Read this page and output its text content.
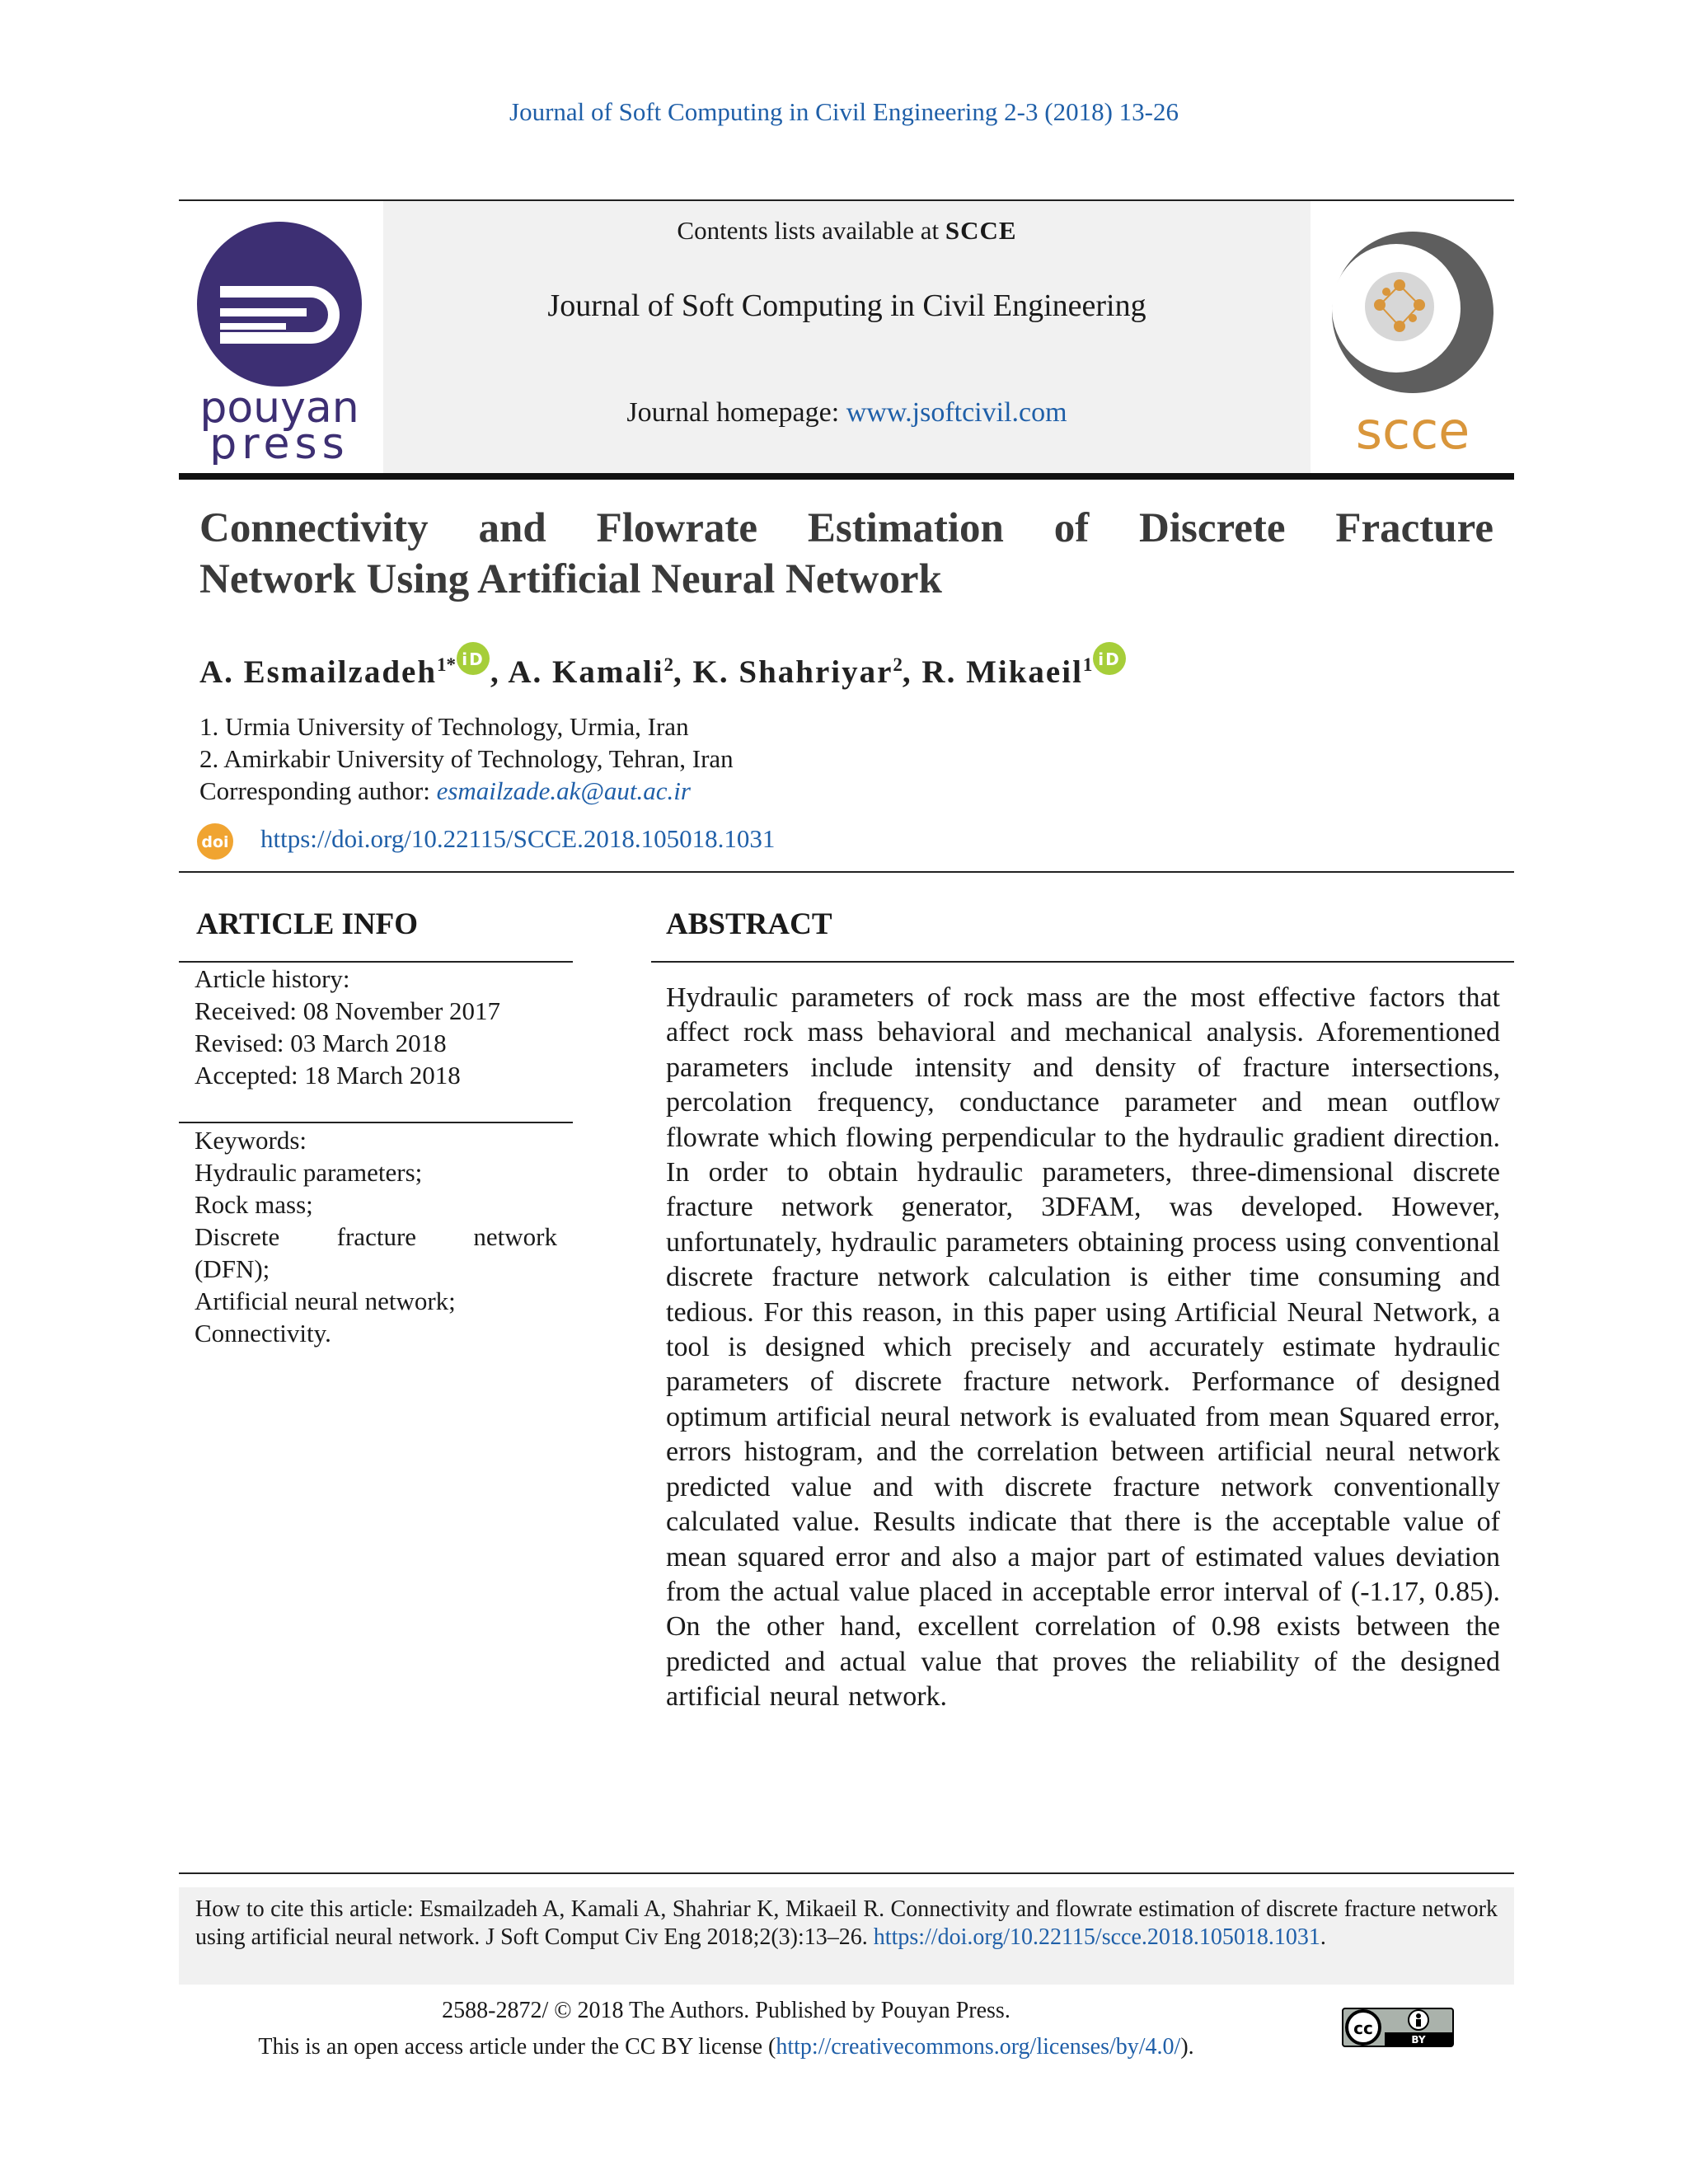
Journal of Soft Computing in Civil Engineering 2-3 (2018) 13-26
pouyan
press
Contents lists available at SCCE
Journal of Soft Computing in Civil Engineering
Journal homepage: www.jsoftcivil.com	scce
Connectivity and Flowrate Estimation of Discrete Fracture
Network Using Artificial Neural Network
A. Esmailzadeh$^{1*}$ iD , A. Kamali$^2$, K. Shahriyar$^2$, R. Mikaeil$^1$ iD
1. Urmia University of Technology, Urmia, Iran
2. Amirkabir University of Technology, Tehran, Iran
Corresponding author: esmailzade.ak@aut.ac.ir
doi https://doi.org/10.22115/SCCE.2018.105018.1031
ARTICLE INFO	ABSTRACT
Article history:
Received: 08 November 2017
Revised: 03 March 2018
Accepted: 18 March 2018
Keywords:
Hydraulic parameters;
Rock mass;
Discrete fracture network
(DFN);
Artificial neural network;
Connectivity.
Hydraulic parameters of rock mass are the most effective factors that affect rock mass behavioral and mechanical analysis. Aforementioned parameters include intensity and density of fracture intersections, percolation frequency, conductance parameter and mean outflow flowrate which flowing perpendicular to the hydraulic gradient direction. In order to obtain hydraulic parameters, three-dimensional discrete fracture network generator, 3DFAM, was developed. However, unfortunately, hydraulic parameters obtaining process using conventional discrete fracture network calculation is either time consuming and tedious. For this reason, in this paper using Artificial Neural Network, a tool is designed which precisely and accurately estimate hydraulic parameters of discrete fracture network. Performance of designed optimum artificial neural network is evaluated from mean Squared error, errors histogram, and the correlation between artificial neural network predicted value and with discrete fracture network conventionally calculated value. Results indicate that there is the acceptable value of mean squared error and also a major part of estimated values deviation from the actual value placed in acceptable error interval of (-1.17, 0.85). On the other hand, excellent correlation of 0.98 exists between the predicted and actual value that proves the reliability of the designed artificial neural network.
How to cite this article: Esmailzadeh A, Kamali A, Shahriar K, Mikaeil R. Connectivity and flowrate estimation of discrete fracture network using artificial neural network. J Soft Comput Civ Eng 2018;2(3):13–26. https://doi.org/10.22115/scce.2018.105018.1031.
2588-2872/ © 2018 The Authors. Published by Pouyan Press.
This is an open access article under the CC BY license (http://creativecommons.org/licenses/by/4.0/).
cc
BY
